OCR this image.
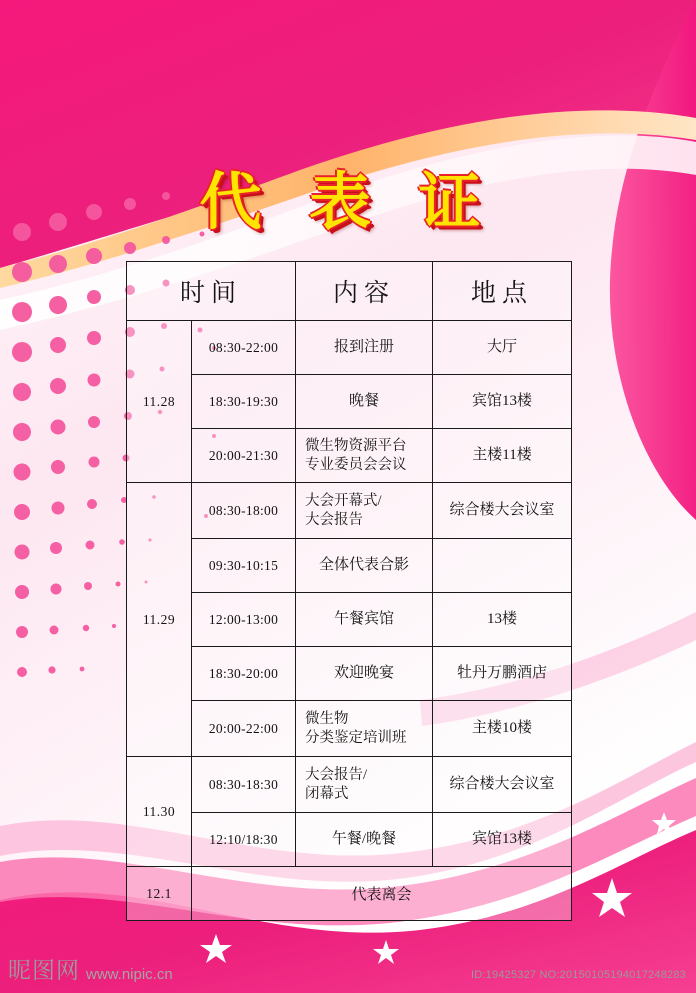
代 表 证
时间		内容	地点
11.28	08:30-22:00	报到注册	大厅
	18:30-19:30	晚餐	宾馆13楼
	20:00-21:30	微生物资源平台
专业委员会会议	主楼11楼
11.29	08:30-18:00	大会开幕式/
大会报告	综合楼大会议室
	09:30-10:15	全体代表合影	
	12:00-13:00	午餐宾馆	13楼
	18:30-20:00	欢迎晚宴	牡丹万鹏酒店
	20:00-22:00	微生物
分类鉴定培训班	主楼10楼
11.30	08:30-18:30	大会报告/
闭幕式	综合楼大会议室
	12:10/18:30	午餐/晚餐	宾馆13楼
12.1	代表离会		
昵图网 www.nipic.cn	ID:19425327 NO:20150105194017248283
